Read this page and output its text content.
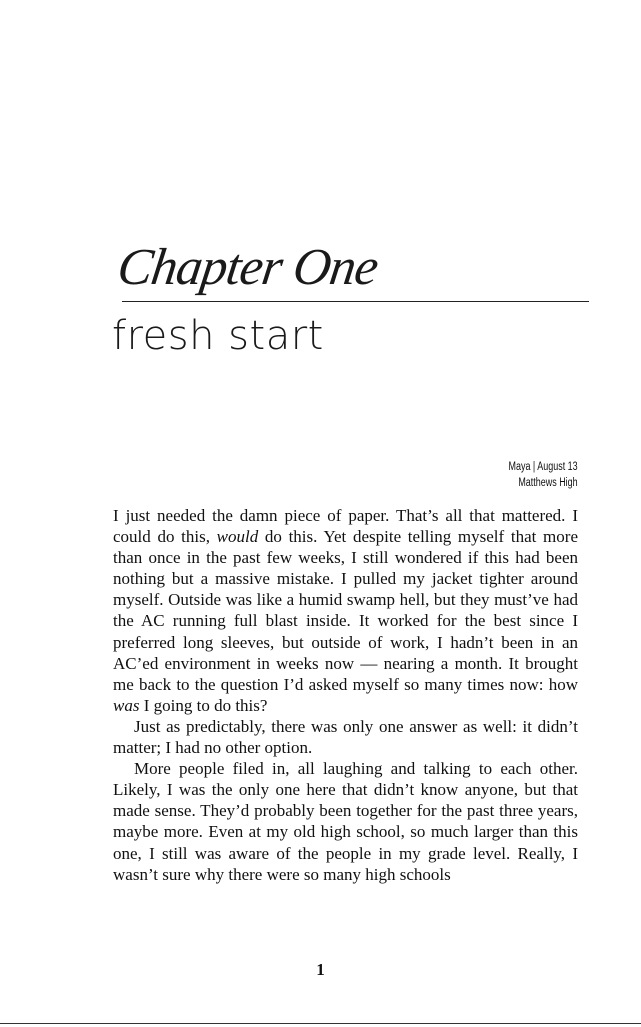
Chapter One
fresh start
Maya | August 13
Matthews High

I just needed the damn piece of paper. That’s all that mattered. I could do this, would do this. Yet despite telling myself that more than once in the past few weeks, I still wondered if this had been nothing but a massive mistake. I pulled my jacket tighter around myself. Outside was like a humid swamp hell, but they must’ve had the AC running full blast inside. It worked for the best since I preferred long sleeves, but outside of work, I hadn’t been in an AC’ed environment in weeks now — nearing a month. It brought me back to the question I’d asked myself so many times now: how was I going to do this?

Just as predictably, there was only one answer as well: it didn’t matter; I had no other option.

More people filed in, all laughing and talking to each other. Likely, I was the only one here that didn’t know anyone, but that made sense. They’d probably been together for the past three years, maybe more. Even at my old high school, so much larger than this one, I still was aware of the people in my grade level. Really, I wasn’t sure why there were so many high schools

1
